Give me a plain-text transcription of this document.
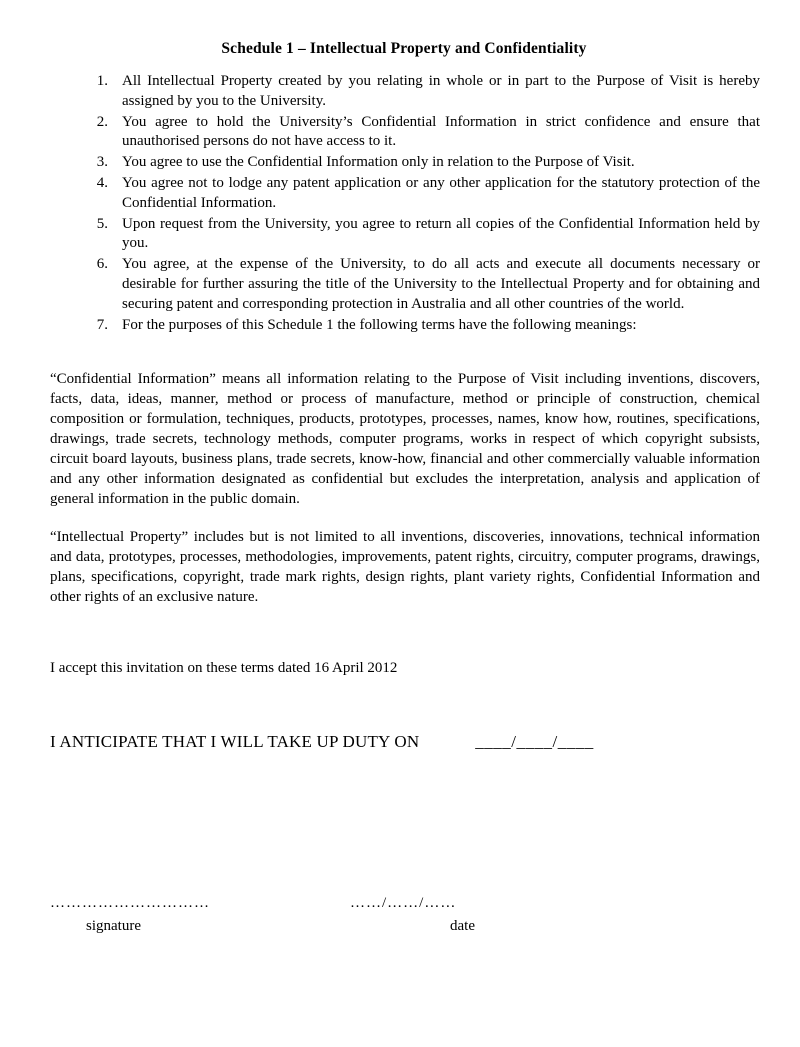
Schedule 1 – Intellectual Property and Confidentiality
1. All Intellectual Property created by you relating in whole or in part to the Purpose of Visit is hereby assigned by you to the University.
2. You agree to hold the University’s Confidential Information in strict confidence and ensure that unauthorised persons do not have access to it.
3. You agree to use the Confidential Information only in relation to the Purpose of Visit.
4. You agree not to lodge any patent application or any other application for the statutory protection of the Confidential Information.
5. Upon request from the University, you agree to return all copies of the Confidential Information held by you.
6. You agree, at the expense of the University, to do all acts and execute all documents necessary or desirable for further assuring the title of the University to the Intellectual Property and for obtaining and securing patent and corresponding protection in Australia and all other countries of the world.
7. For the purposes of this Schedule 1 the following terms have the following meanings:

“Confidential Information” means all information relating to the Purpose of Visit including inventions, discovers, facts, data, ideas, manner, method or process of manufacture, method or principle of construction, chemical composition or formulation, techniques, products, prototypes, processes, names, know how, routines, specifications, drawings, trade secrets, technology methods, computer programs, works in respect of which copyright subsists, circuit board layouts, business plans, trade secrets, know-how, financial and other commercially valuable information and any other information designated as confidential but excludes the interpretation, analysis and application of general information in the public domain.

“Intellectual Property” includes but is not limited to all inventions, discoveries, innovations, technical information and data, prototypes, processes, methodologies, improvements, patent rights, circuitry, computer programs, drawings, plans, specifications, copyright, trade mark rights, design rights, plant variety rights, Confidential Information and other rights of an exclusive nature.

I accept this invitation on these terms dated 16 April 2012
I ANTICIPATE THAT I WILL TAKE UP DUTY ON	____/____/____
…………………………	……/……/……
signature	date
